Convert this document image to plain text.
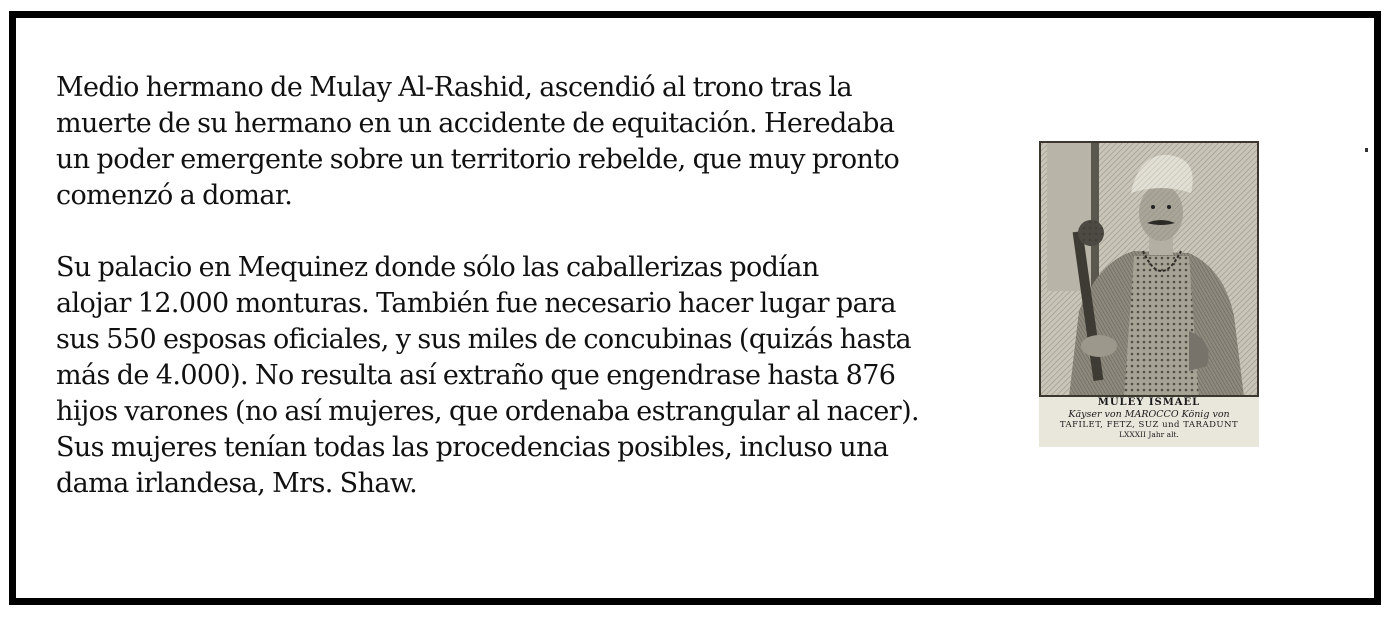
Medio hermano de Mulay Al-Rashid, ascendió al trono tras la
muerte de su hermano en un accidente de equitación. Heredaba
un poder emergente sobre un territorio rebelde, que muy pronto
comenzó a domar.

Su palacio en Mequinez donde sólo las caballerizas podían
alojar 12.000 monturas. También fue necesario hacer lugar para
sus 550 esposas oficiales, y sus miles de concubinas (quizás hasta
más de 4.000). No resulta así extraño que engendrase hasta 876
hijos varones (no así mujeres, que ordenaba estrangular al nacer).
Sus mujeres tenían todas las procedencias posibles, incluso una
dama irlandesa, Mrs. Shaw.

MULEY ISMAEL
Käyser von MAROCCO König von
TAFILET, FETZ, SUZ und TARADUNT
LXXXII Jahr alt.
